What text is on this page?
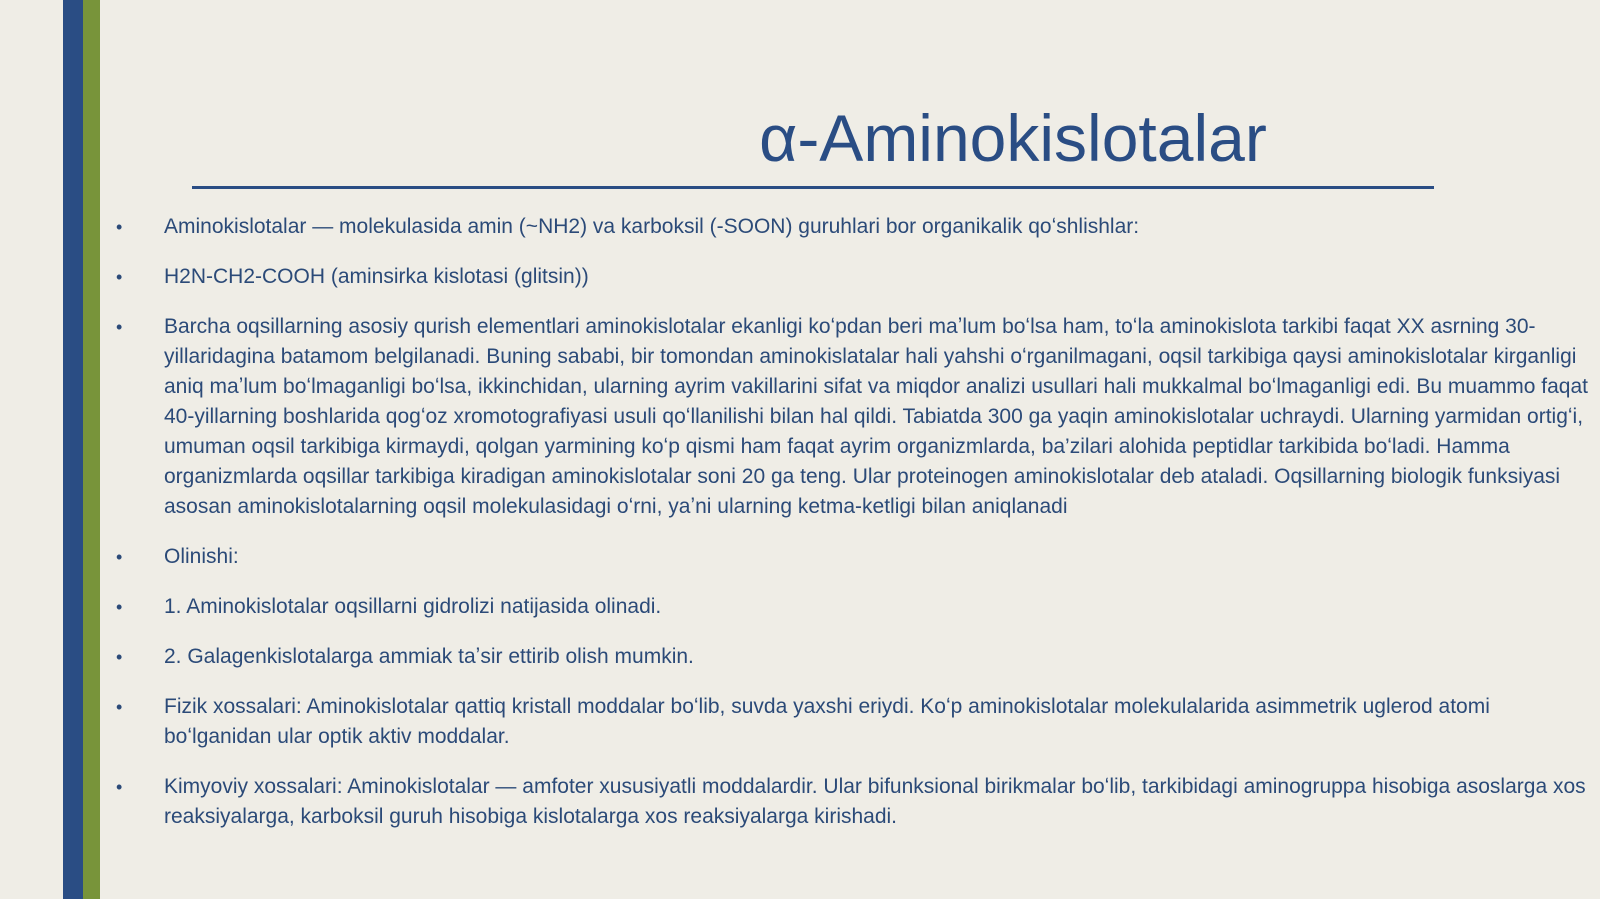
α-Aminokislotalar
• Aminokislotalar — molekulasida amin (~NH2) va karboksil (-SOON) guruhlari bor organikalik qoʻshlishlar:
• H2N-CH2-COOH (aminsirka kislotasi (glitsin))
• Barcha oqsillarning asosiy qurish elementlari aminokislotalar ekanligi koʻpdan beri maʼlum boʻlsa ham, toʻla aminokislota tarkibi faqat XX asrning 30-yillaridagina batamom belgilanadi. Buning sababi, bir tomondan aminokislatalar hali yahshi oʻrganilmagani, oqsil tarkibiga qaysi aminokislotalar kirganligi aniq maʼlum boʻlmaganligi boʻlsa, ikkinchidan, ularning ayrim vakillarini sifat va miqdor analizi usullari hali mukkalmal boʻlmaganligi edi. Bu muammo faqat 40-yillarning boshlarida qogʻoz xromotografiyasi usuli qoʻllanilishi bilan hal qildi. Tabiatda 300 ga yaqin aminokislotalar uchraydi. Ularning yarmidan ortigʻi, umuman oqsil tarkibiga kirmaydi, qolgan yarmining koʻp qismi ham faqat ayrim organizmlarda, ba’zilari alohida peptidlar tarkibida boʻladi. Hamma organizmlarda oqsillar tarkibiga kiradigan aminokislotalar soni 20 ga teng. Ular proteinogen aminokislotalar deb ataladi. Oqsillarning biologik funksiyasi asosan aminokislotalarning oqsil molekulasidagi oʻrni, yaʼni ularning ketma-ketligi bilan aniqlanadi
• Olinishi:
• 1. Aminokislotalar oqsillarni gidrolizi natijasida olinadi.
• 2. Galagenkislotalarga ammiak taʼsir ettirib olish mumkin.
• Fizik xossalari: Aminokislotalar qattiq kristall moddalar boʻlib, suvda yaxshi eriydi. Koʻp aminokislotalar molekulalarida asimmetrik uglerod atomi boʻlganidan ular optik aktiv moddalar.
• Kimyoviy xossalari: Aminokislotalar — amfoter xususiyatli moddalardir. Ular bifunksional birikmalar boʻlib, tarkibidagi aminogruppa hisobiga asoslarga xos reaksiyalarga, karboksil guruh hisobiga kislotalarga xos reaksiyalarga kirishadi.
